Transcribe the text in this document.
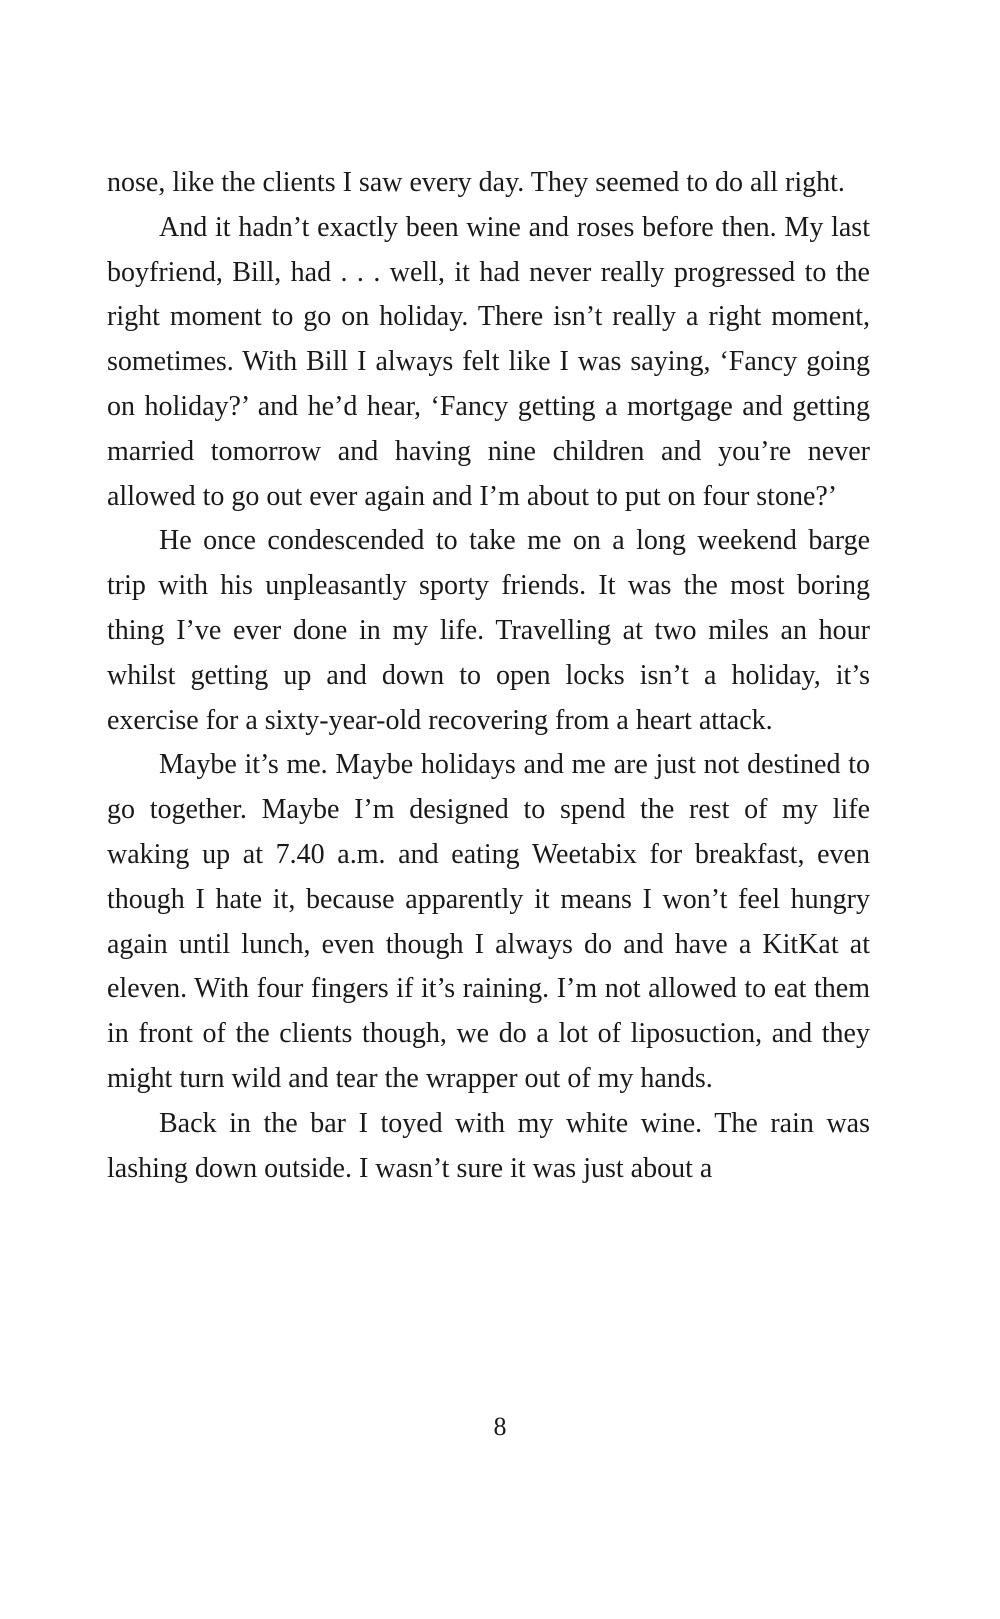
nose, like the clients I saw every day. They seemed to do all right.

And it hadn’t exactly been wine and roses before then. My last boyfriend, Bill, had . . . well, it had never really progressed to the right moment to go on holiday. There isn’t really a right moment, sometimes. With Bill I always felt like I was saying, ‘Fancy going on holiday?’ and he’d hear, ‘Fancy getting a mortgage and getting married tomorrow and having nine children and you’re never allowed to go out ever again and I’m about to put on four stone?’

He once condescended to take me on a long weekend barge trip with his unpleasantly sporty friends. It was the most boring thing I’ve ever done in my life. Travelling at two miles an hour whilst getting up and down to open locks isn’t a holiday, it’s exercise for a sixty-year-old recovering from a heart attack.

Maybe it’s me. Maybe holidays and me are just not destined to go together. Maybe I’m designed to spend the rest of my life waking up at 7.40 a.m. and eating Weetabix for breakfast, even though I hate it, because apparently it means I won’t feel hungry again until lunch, even though I always do and have a KitKat at eleven. With four fingers if it’s raining. I’m not allowed to eat them in front of the clients though, we do a lot of liposuction, and they might turn wild and tear the wrapper out of my hands.

Back in the bar I toyed with my white wine. The rain was lashing down outside. I wasn’t sure it was just about a

8
